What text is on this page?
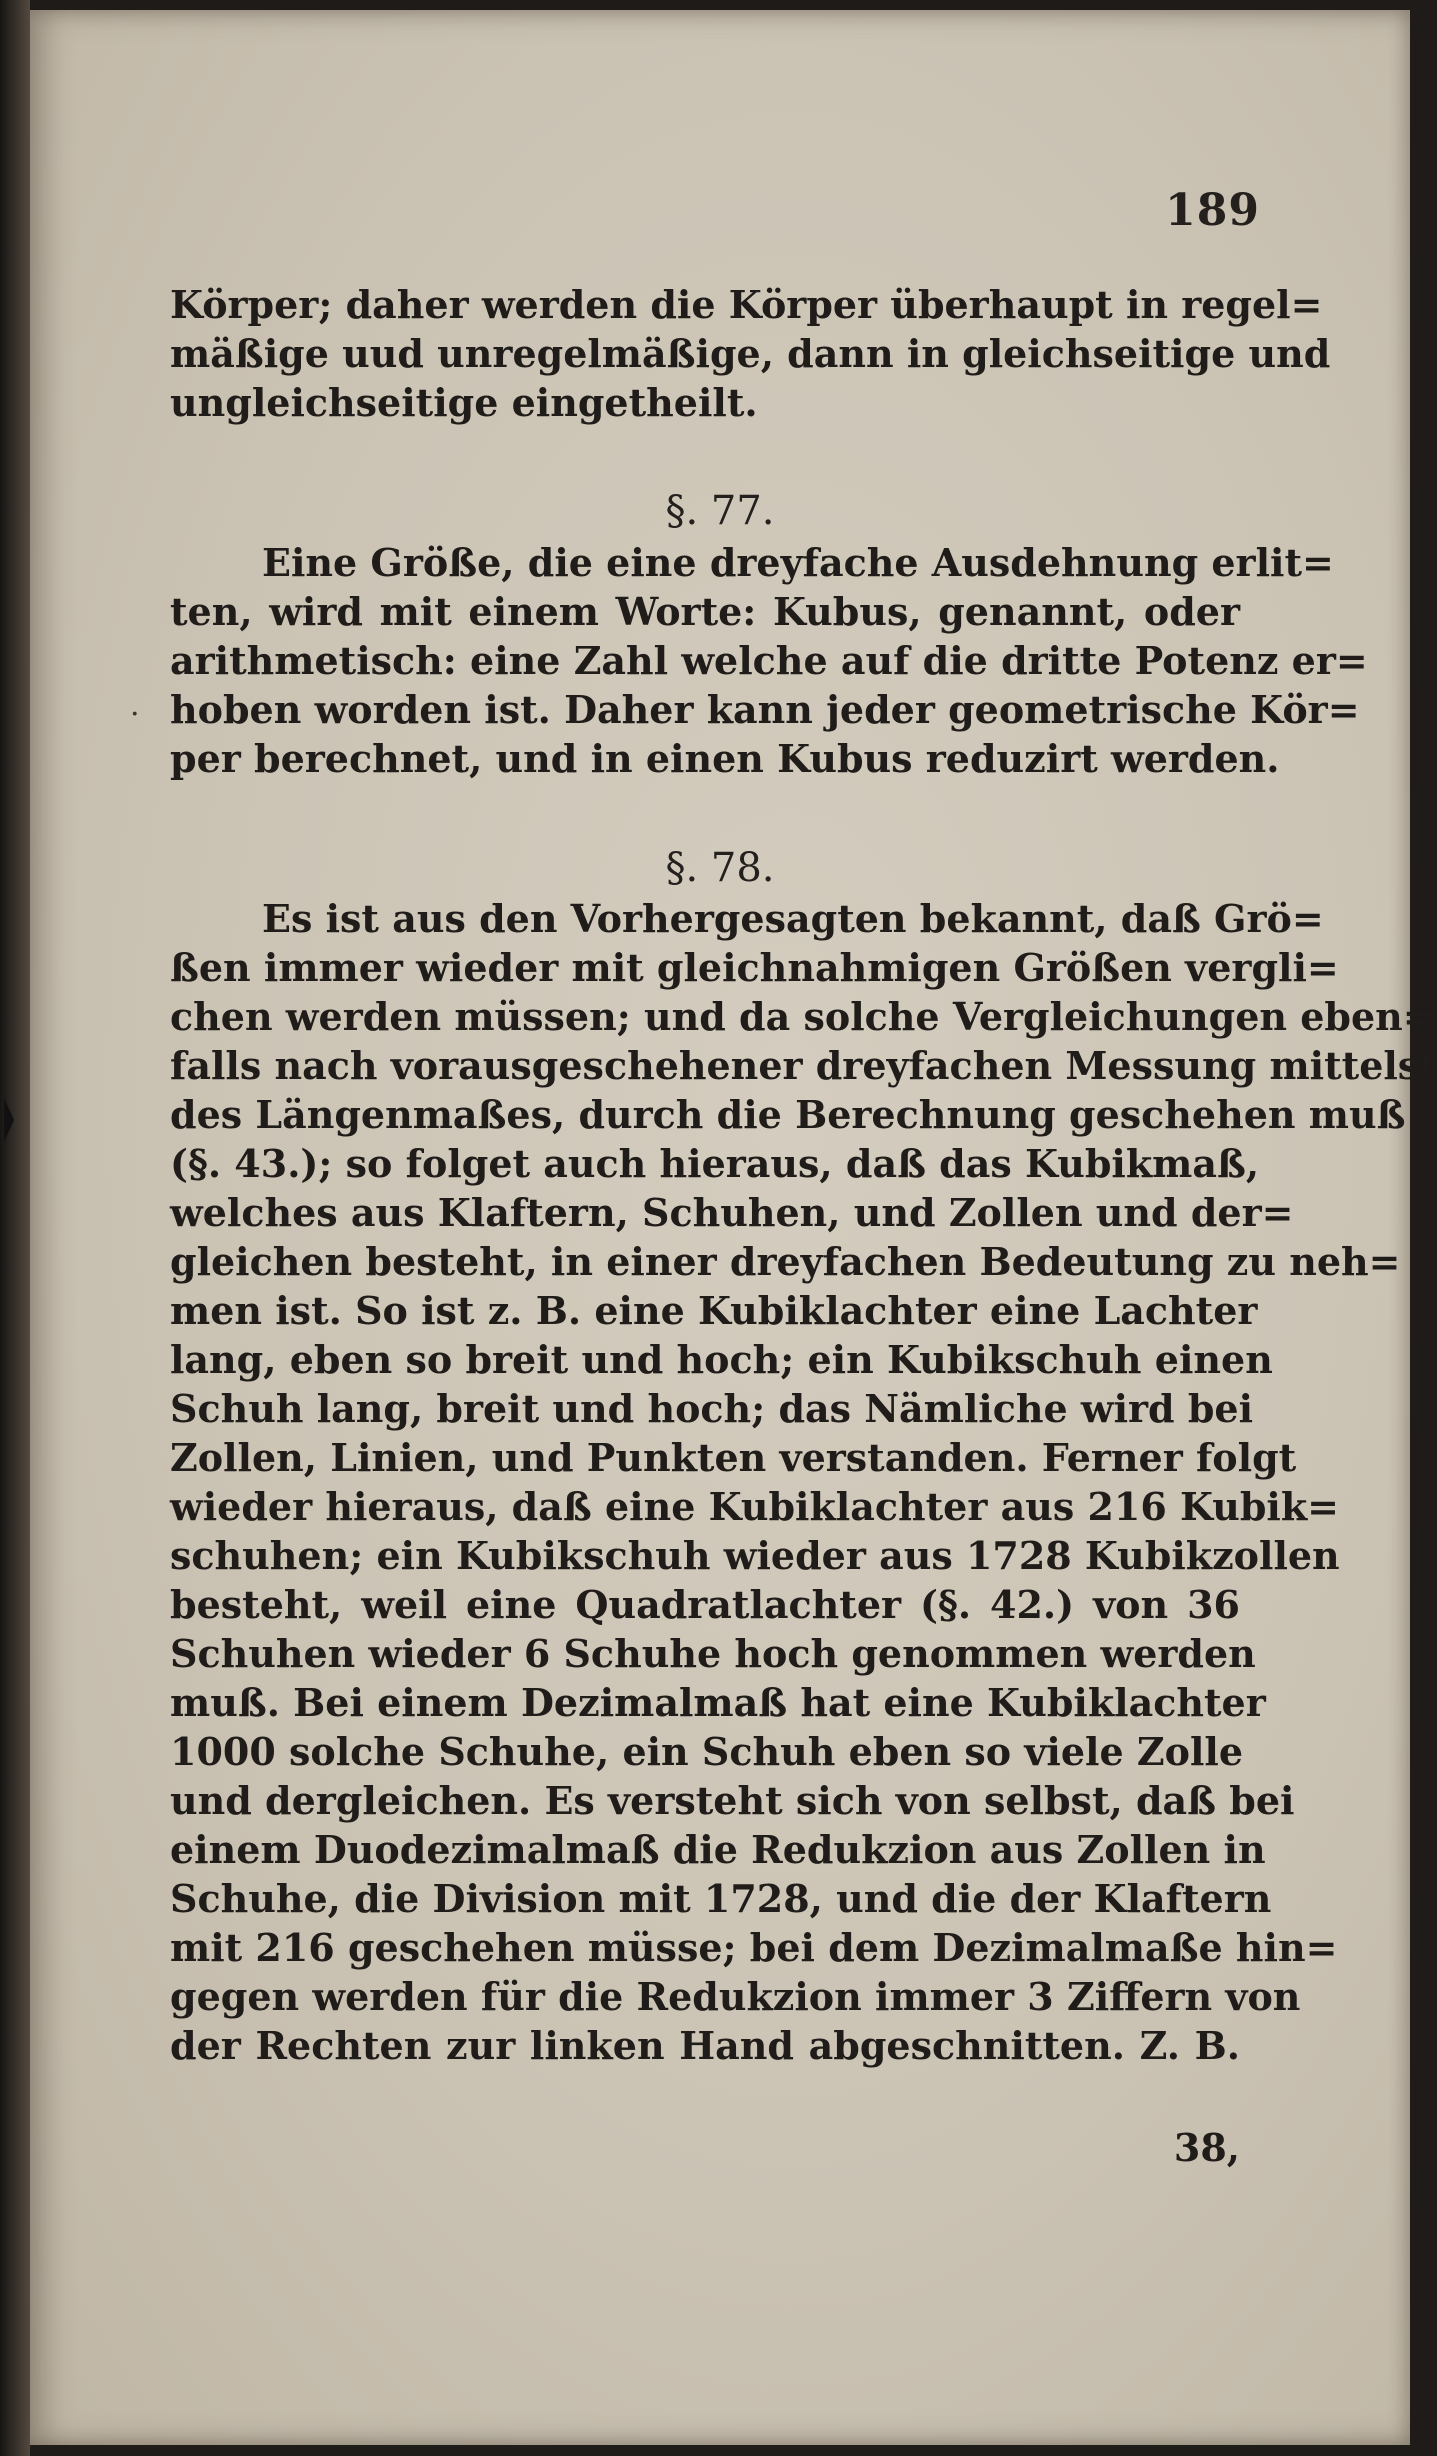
189
Körper; daher werden die Körper überhaupt in regel=
mäßige uud unregelmäßige, dann in gleichseitige und
ungleichseitige eingetheilt.
§. 77.
Eine Größe, die eine dreyfache Ausdehnung erlit=
ten, wird mit einem Worte: Kubus, genannt, oder
arithmetisch: eine Zahl welche auf die dritte Potenz er=
hoben worden ist. Daher kann jeder geometrische Kör=
per berechnet, und in einen Kubus reduzirt werden.
·
§. 78.
Es ist aus den Vorhergesagten bekannt, daß Grö=
ßen immer wieder mit gleichnahmigen Größen vergli=
chen werden müssen; und da solche Vergleichungen eben=
falls nach vorausgeschehener dreyfachen Messung mittelst
des Längenmaßes, durch die Berechnung geschehen muß
(§. 43.); so folget auch hieraus, daß das Kubikmaß,
welches aus Klaftern, Schuhen, und Zollen und der=
gleichen besteht, in einer dreyfachen Bedeutung zu neh=
men ist. So ist z. B. eine Kubiklachter eine Lachter
lang, eben so breit und hoch; ein Kubikschuh einen
Schuh lang, breit und hoch; das Nämliche wird bei
Zollen, Linien, und Punkten verstanden. Ferner folgt
wieder hieraus, daß eine Kubiklachter aus 216 Kubik=
schuhen; ein Kubikschuh wieder aus 1728 Kubikzollen
besteht, weil eine Quadratlachter (§. 42.) von 36
Schuhen wieder 6 Schuhe hoch genommen werden
muß. Bei einem Dezimalmaß hat eine Kubiklachter
1000 solche Schuhe, ein Schuh eben so viele Zolle
und dergleichen. Es versteht sich von selbst, daß bei
einem Duodezimalmaß die Redukzion aus Zollen in
Schuhe, die Division mit 1728, und die der Klaftern
mit 216 geschehen müsse; bei dem Dezimalmaße hin=
gegen werden für die Redukzion immer 3 Ziffern von
der Rechten zur linken Hand abgeschnitten. Z. B.
38,
